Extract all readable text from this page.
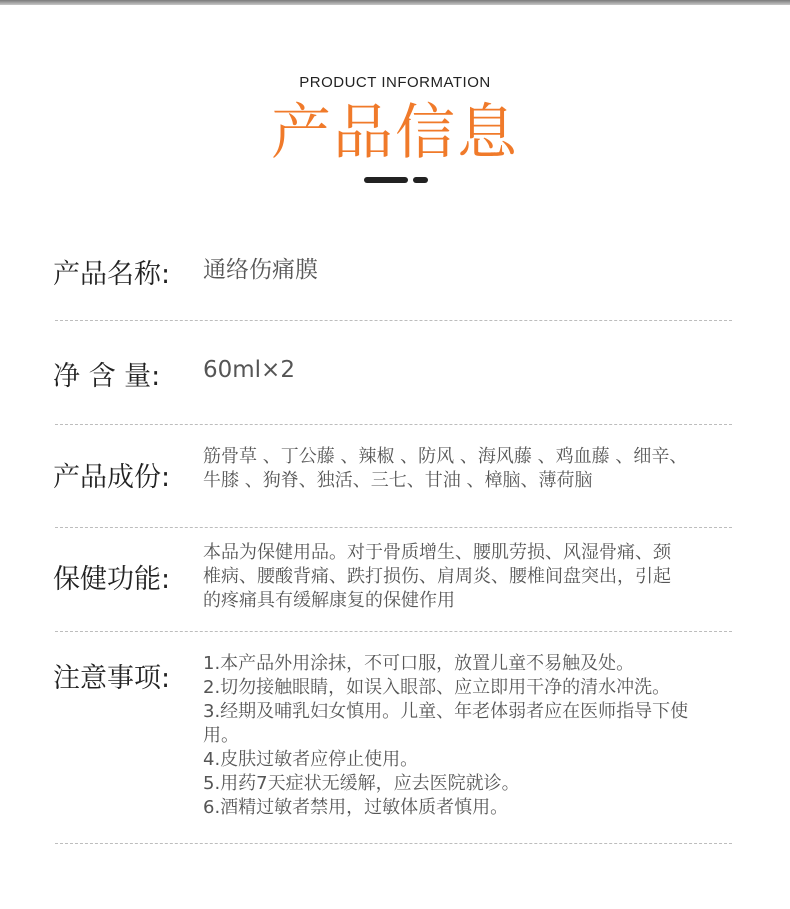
PRODUCT INFORMATION
产品信息
产品名称: 通络伤痛膜
净 含 量: 60ml×2
产品成份:
筋骨草 、丁公藤 、辣椒 、防风 、海风藤 、鸡血藤 、细辛、
牛膝 、狗脊、独活、三七、甘油 、樟脑、薄荷脑
保健功能:
本品为保健用品。对于骨质增生、腰肌劳损、风湿骨痛、颈
椎病、腰酸背痛、跌打损伤、肩周炎、腰椎间盘突出，引起
的疼痛具有缓解康复的保健作用
注意事项: 1.本产品外用涂抹，不可口服，放置儿童不易触及处。
2.切勿接触眼睛，如误入眼部、应立即用干净的清水冲洗。
3.经期及哺乳妇女慎用。儿童、年老体弱者应在医师指导下使
用。
4.皮肤过敏者应停止使用。
5.用药7天症状无缓解，应去医院就诊。
6.酒精过敏者禁用，过敏体质者慎用。
